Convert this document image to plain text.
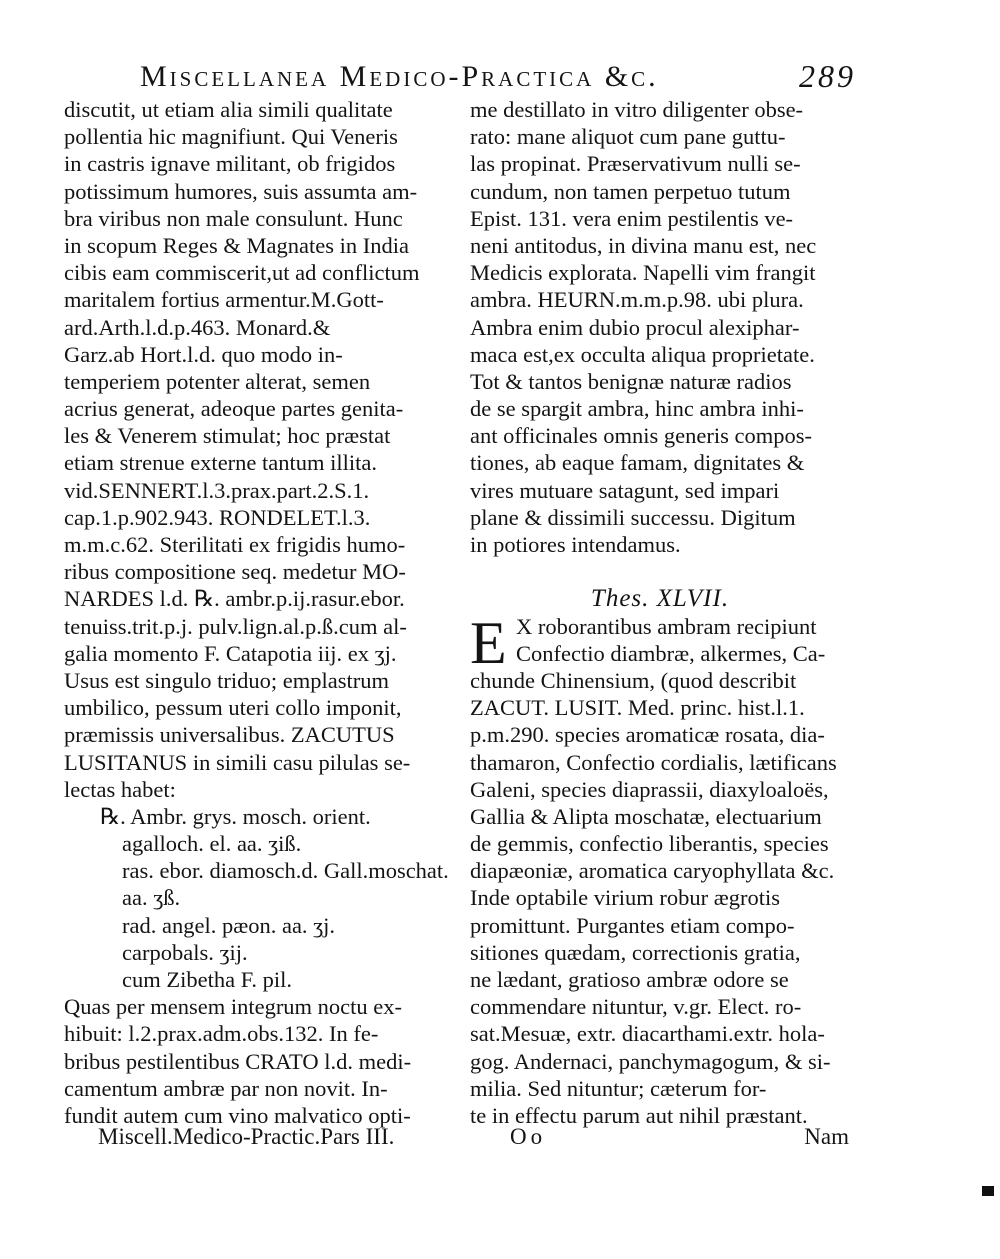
Miscellanea Medico-Practica &c.	289
discutit, ut etiam alia simili qualitate
pollentia hic magnifiunt. Qui Veneris
in castris ignave militant, ob frigidos
potissimum humores, suis assumta am-
bra viribus non male consulunt. Hunc
in scopum Reges & Magnates in India
cibis eam commiscerit,ut ad conflictum
maritalem fortius armentur.M.Gott-
ard.Arth.l.d.p.463. Monard.&
Garz.ab Hort.l.d. quo modo in-
temperiem potenter alterat, semen
acrius generat, adeoque partes genita-
les & Venerem stimulat; hoc præstat
etiam strenue externe tantum illita.
vid.SENNERT.l.3.prax.part.2.S.1.
cap.1.p.902.943. RONDELET.l.3.
m.m.c.62. Sterilitati ex frigidis humo-
ribus compositione seq. medetur MO-
NARDES l.d. ℞. ambr.p.ij.rasur.ebor.
tenuiss.trit.p.j. pulv.lign.al.p.ß.cum al-
galia momento F. Catapotia iij. ex ʒj.
Usus est singulo triduo; emplastrum
umbilico, pessum uteri collo imponit,
præmissis universalibus. ZACUTUS
LUSITANUS in simili casu pilulas se-
lectas habet:
℞. Ambr. grys. mosch. orient.
agalloch. el. aa. ʒiß.
ras. ebor. diamosch.d. Gall.moschat.
aa. ʒß.
rad. angel. pæon. aa. ʒj.
carpobals. ʒij.
cum Zibetha F. pil.
Quas per mensem integrum noctu ex-
hibuit: l.2.prax.adm.obs.132. In fe-
bribus pestilentibus CRATO l.d. medi-
camentum ambræ par non novit. In-
fundit autem cum vino malvatico opti-
me destillato in vitro diligenter obse-
rato: mane aliquot cum pane guttu-
las propinat. Præservativum nulli se-
cundum, non tamen perpetuo tutum
Epist. 131. vera enim pestilentis ve-
neni antitodus, in divina manu est, nec
Medicis explorata. Napelli vim frangit
ambra. HEURN.m.m.p.98. ubi plura.
Ambra enim dubio procul alexiphar-
maca est,ex occulta aliqua proprietate.
Tot & tantos benignæ naturæ radios
de se spargit ambra, hinc ambra inhi-
ant officinales omnis generis compos-
tiones, ab eaque famam, dignitates &
vires mutuare satagunt, sed impari
plane & dissimili successu. Digitum
in potiores intendamus.
Thes. XLVII.
E X roborantibus ambram recipiunt
Confectio diambræ, alkermes, Ca-
chunde Chinensium, (quod describit
ZACUT. LUSIT. Med. princ. hist.l.1.
p.m.290. species aromaticæ rosata, dia-
thamaron, Confectio cordialis, lætificans
Galeni, species diaprassii, diaxyloaloës,
Gallia & Alipta moschatæ, electuarium
de gemmis, confectio liberantis, species
diapæoniæ, aromatica caryophyllata &c.
Inde optabile virium robur ægrotis
promittunt. Purgantes etiam compo-
sitiones quædam, correctionis gratia,
ne lædant, gratioso ambræ odore se
commendare nituntur, v.gr. Elect. ro-
sat.Mesuæ, extr. diacarthami.extr. hola-
gog. Andernaci, panchymagogum, & si-
milia. Sed nituntur; cæterum for-
te in effectu parum aut nihil præstant.
Miscell.Medico-Practic.Pars III.	Oo	Nam
